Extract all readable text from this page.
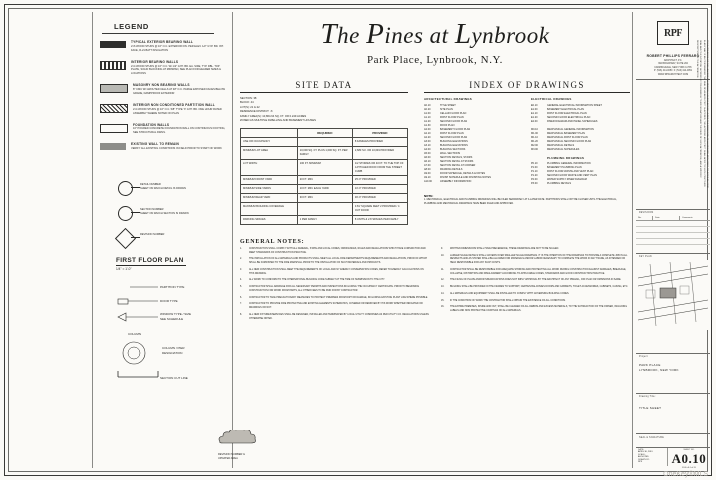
LEGEND
TYPICAL EXTERIOR BEARING WALL
2×6 WOOD STUDS @ 16" O.C. EXTERIOR FIN. PER ELEV. 1/2" GYP. BD. INT. FACE, R-21 BATT INSULATION
INTERIOR BEARING WALLS
2×4 WOOD STUDS @ 16" O.C. W/ 1/2" GYP. BD. EA. SIDE, TYP. DBL. TOP PLATE, SOLID BLOCKING AT MIDSPAN, SEE PLAN FOR HEADER SIZES & LOCATIONS
MASONRY NON BEARING WALLS
8" CMU W/ GROUTED CELLS AT 48" O.C. PARGE EXPOSED FACES BELOW GRADE, DAMPPROOF EXTERIOR
INTERIOR NON CONDITIONED PARTITION WALL
2×4 WOOD STUDS @ 16" O.C. 5/8" TYPE 'X' GYP. BD. ONE HOUR RATED ASSEMBLY WHERE NOTED ON PLAN
FOUNDATION WALLS
10" POURED CONCRETE FOUNDATION WALL ON CONTINUOUS FOOTING, SEE STRUCTURAL DWGS.
EXISTING WALL TO REMAIN
VERIFY ALL EXISTING CONDITIONS IN FIELD PRIOR TO START OF WORK
DETAIL NUMBER
SHEET ON WHICH DETAIL IS DRAWN
SECTION NUMBER
SHEET ON WHICH SECTION IS DRAWN
REVISION NUMBER
FIRST FLOOR PLAN
1/4" = 1'-0"
PARTITION TYPE
DOOR TYPE
WINDOW TYPE / SIZE
SEE SCHEDULE
COLUMN
COLUMN / PIER
DESIGNATION
SECTION CUT LINE
REVISION NUMBER &
UPDATED AREA
The Pines at Lynbrook
Park Place, Lynbrook, N.Y.
SITE DATA
SECTION: 38
BLOCK: 44
LOT(S): 21 & 22
RESIDENCE DISTRICT: ‘A’
FAMILY AREA(S): 10,864.64 SQ. FT. OR 0.249 ACRES
ZONED AS MULTIPLE DWELLING AND BASEMENT HOUSES
	REQUIRED	PROVIDED
USE OR OCCUPANCY		8 FAMILIES PROVIDED
MINIMUM LOT AREA	10,000 SQ. FT. PLUS 1,000 SQ. FT. PER FAMILY	2,683 S.F. OR 10,649 PROVIDED
LOT WIDTH	100 FT. MINIMUM	1/2 STORIES OR 40 FT. TO THE TOP OF A PITCHED ROOF FROM THE STREET CURB
MINIMUM FRONT YARD	20 FT. MIN.	25'-0" PROVIDED
MINIMUM SIDE YARDS	10 FT. MIN. EACH YARD	10'-0" PROVIDED
MINIMUM REAR YARD	30 FT. MIN.	30'-0" PROVIDED
MAXIMUM BUILDING COVERAGE		3.81' SQUARE FEET 2 PROVIDED / 4 OUT DOOR
PARKING SPACES	1 PER FAMILY	8 UNITS & 2.8 SPACES PER FAMILY
INDEX OF DRAWINGS
ARCHITECTURAL DRAWINGS
A0.10	TITLE SHEET
A0.20	SITE PLAN
A1.00	CELLAR FLOOR PLAN
A1.10	FIRST FLOOR PLAN
A1.20	SECOND FLOOR PLAN
A1.30	ROOF PLAN
A2.00	BASEMENT FLOOR PLAN
A2.10	FIRST FLOOR PLAN
A2.20	SECOND FLOOR PLAN
A3.00	BUILDING ELEVATIONS
A3.10	BUILDING ELEVATIONS
A4.00	BUILDING SECTIONS
A5.00	WALL SECTIONS
A6.00	SECTION DETAILS, STAIRS
A6.10	SECTION DETAIL AT STAIRS
A7.00	SECTION DETAIL AT CORNER
A8.00	FRAMING DETAILS
A9.00	DOOR SCHEDULE, DETAILS & NOTES
A9.10	FINISH SCHEDULE AND FINISHING NOTES
A10.00	ASSEMBLY INFORMATION
ELECTRICAL DRAWINGS
E0.10	GENERAL ELECTRICAL INFORMATION SHEET
E1.00	BASEMENT ELECTRICAL PLAN
E1.10	FIRST FLOOR ELECTRICAL PLAN
E1.20	SECOND FLOOR ELECTRICAL PLAN
E2.00	RISER DIAGRAM AND PANEL SCHEDULES
M0.10	MECHANICAL GENERAL INFORMATION
M1.00	MECHANICAL BASEMENT PLAN
M1.10	MECHANICAL FIRST FLOOR PLAN
M1.20	MECHANICAL SECOND FLOOR PLAN
M2.00	MECHANICAL DETAILS
M3.00	MECHANICAL SCHEDULES
PLUMBING DRAWINGS
P0.10	PLUMBING GENERAL INFORMATION
P1.00	BASEMENT PLUMBING PLAN
P1.10	FIRST FLOOR WASTE AND VENT PLAN
P1.20	SECOND FLOOR WASTE AND VENT PLAN
P2.00	WATER SUPPLY RISER DIAGRAM
P3.00	PLUMBING DETAILS
NOTE:
1. MECHANICAL, ELECTRICAL AND PLUMBING DRAWINGS WILL BE FILED SEPARATELY AT A LATER DATE. PARTITIONS SHALL NOT BE CLOSED UNTIL THE ELECTRICAL, PLUMBING AND MECHANICAL DRAWINGS HAVE BEEN FILED AND APPROVED.
GENERAL NOTES:
1.	CONSTRUCTION SHALL COMPLY WITH ALL FEDERAL, STATE AND LOCAL CODES, ORDINANCES, RULES AND REGULATIONS WHICH HAVE JURISDICTION AND MEET STANDARDS OF CONSTRUCTION PRACTICE.
2.	THE INSTALLATION OF ALL MATERIALS AND PRODUCTS SHALL MEET ALL LOCAL FIRE DEPARTMENT'S REQUIREMENTS AND REGULATIONS, PRIOR OF WHICH SHALL BE FURNISHED TO THE FIRE MARSHALL PRIOR TO THE INSTALLATION OF SUCH MATERIALS AND PRODUCTS.
3.	ALL NEW CONSTRUCTION SHALL MEET THE REQUIREMENTS OF LOCAL AND NY ENERGY CONSERVATION CODES, REFER TO ENERGY CALCULATIONS ON THIS DRAWING.
4.	ALL WORK TO CONFORM TO THE INTERNATIONAL BUILDING CODE SUBJECT AT THE TIME OF SUBMISSION TO THE CITY.
5.	CONTRACTOR SHALL ARRANGE FOR ALL NECESSARY PERMITS AND INSPECTIONS INCLUDING THE OCCUPANCY CERTIFICATE. PRIOR TO BEGINNING CONSTRUCTION FOR WORK FROM PARTS, ALL OTHER FEES TO BE PAID FOR BY CONTRACTOR.
6.	CONTRACTOR TO TAKE PRECAUTIONARY MEASURES TO PROTECT PREMISES FROM DIRT OR DAMAGE, INCLUDING EXISTING PLANT LIFE WHERE POSSIBLE.
7.	CONTRACTOR TO PROVIDE FIRE PROTECTIVE AND EXISTING ELEMENTS SCHEMATICS, COVERED OR REMOVED BY HIS WORK WHETHER INDICATED OR DRAWINGS OR NOT.
8.	ALL NEW FIXTURES/SERVICES SHALL BE DESIGNED, INSTALLED AND TERMINATED BY LOCAL UTILITY COMPANIES AS PER UTILITY CO. REGULATIONS UNLESS OTHERWISE NOTED.
9.	WRITTEN DIMENSIONS SHALL HAVE PRECEDENCE, THESE DRAWINGS ARE NOT TO BE SCALED.
10.	LARGER SCALE DETAILS SHALL GOVERN OVER SMALLER SCALE DRAWINGS. IT IS THE INTENTION OF THE DRAWINGS TO PROVIDE A COMPLETE JOB IN ALL RESPECTS AND AS STATED SHALL BE ALLOWED FOR MATERIALS AND/OR LABOR NECESSARY TO COMPLETE THE WORK IN ANY TRADE, AS INTENDED OR HELD RESPONSIBLE FOR ANY SUCH COSTS.
11.	CONTRACTOR SHALL BE RESPONSIBLE FOR ADEQUATE SHORING AND PROTECTING ALL WORK DURING CONSTRUCTION AGAINST DAMAGES, BREAKAGE, COLLAPSE, DISTORTION AND MISALIGNMENT ACCORDING TO APPLICABLE CODES, STANDARDS AND GOOD CONSTRUCTION PRACTICE.
12.	THE FILING OF PLANS AND/OR SPECIFICATIONS DOES NOT IMPLY APPROVAL BY THE ARCHITECT OF ANY PREVAIL, OFF PLAN OR OMISSIONS IN SAME.
13.	BUILDING SHALL BE PROVIDED IN THE FRAMES TO SUPPORT, CERTAIN BALCONIES DOORS AND CABINETS, TOILET ACCESSORIES, CABINETS, CASING, ETC.
14.	ALL MATERIALS AND EQUIPMENT SHALL BE INSTALLED TO COMPLY WITH GOVERNING BUILDING CODES.
15.	IF THE CONDITION OF WORK THE CONTRACTOR SHALL OBTAIN THE EXISTENCE OF ALL CONDITIONS.
16.	THE ENTIRE PREMISES, INSIDE AND OUT, SHALL BE CLEANED OF ALL DEBRIS AND EXCESS MATERIALS, TO THE SATISFACTION OF THE OWNER, INCLUDING LABELS AND NON PROTECTIVE COATINGS ON ALL MATERIALS.
RPF
ROBERT PHILLIPS FERRARO
ARCHITECT, P.C.
392 BROADWAY, SUITE 202
FARMINGDALE, NEW YORK 11735
P: (516) 414-0050  F: (516) 414-0051
WWW.RPFARCHITECT.COM	IT IS A VIOLATION OF THE LAW FOR ANY PERSON, UNLESS ACTING UNDER THE DIRECTION OF A LICENSED ARCHITECT, TO ALTER AN ITEM IN ANY WAY. IF AN ITEM BEARING THE SEAL OF AN ARCHITECT IS ALTERED, THE ALTERING ARCHITECT SHALL AFFIX TO SUCH ITEM THEIR SEAL AND THE NOTATION ‘ALTERED BY’ FOLLOWED BY THEIR SIGNATURE AND THE DATE OF SUCH ALTERATION, AND A SPECIFIC DESCRIPTION OF THE ALTERATION.
REVISIONS
No.	Date	Comments
KEY PLAN
Project:
PARK PLACE
LYNBROOK, NEW YORK
Drawing Title:
TITLE SHEET
SEAL & SIGNATURE
DATE:
APRIL 30, 2019
SCALE:
AS NOTED
DRAWN BY:
RPF
SHEET NO.
A0.10
FILE: A-1 of 20
OneKey®MLS
